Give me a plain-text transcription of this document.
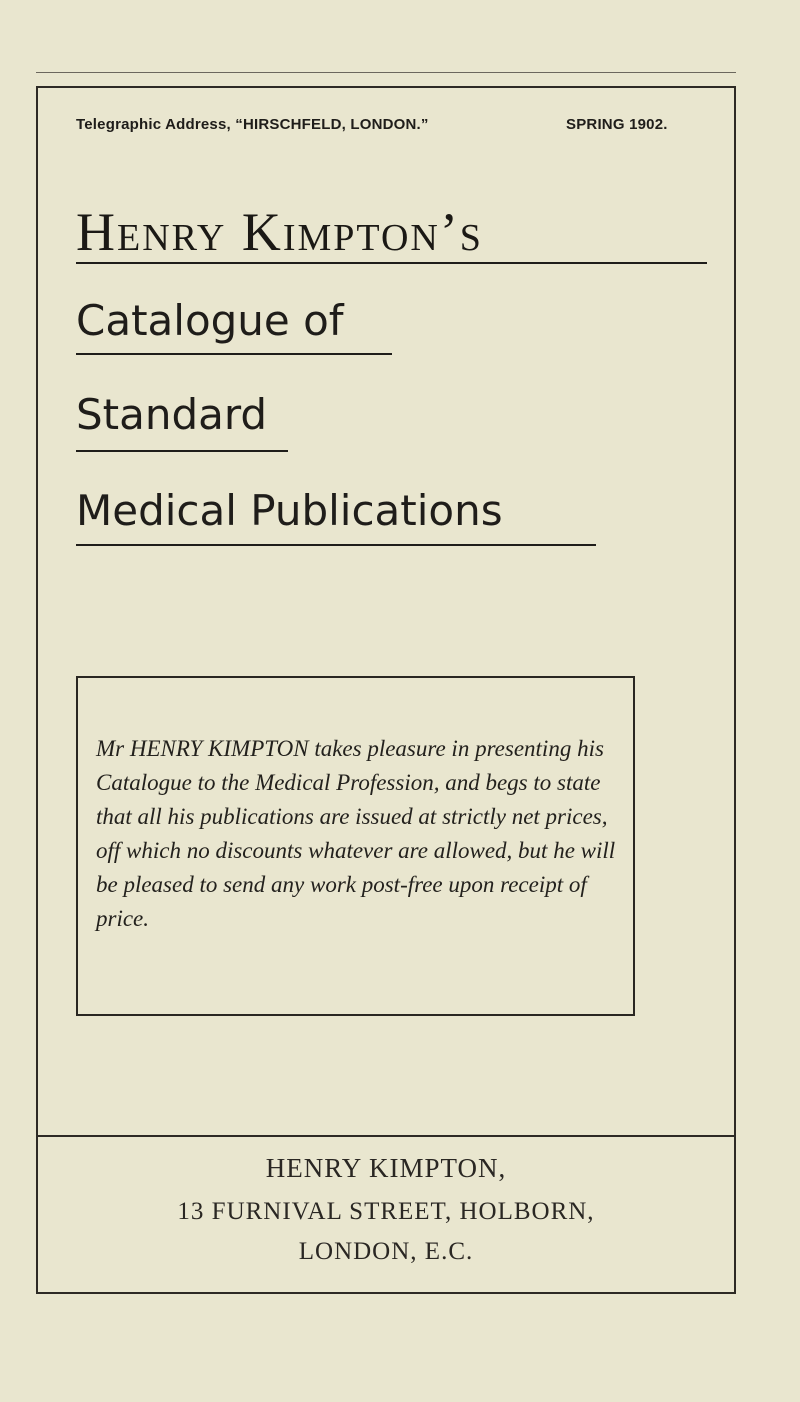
Telegraphic Address, “HIRSCHFELD, LONDON.”	SPRING 1902.
Henry Kimpton’s
Catalogue of
Standard
Medical Publications
Mr HENRY KIMPTON takes pleasure in presenting his Catalogue to the Medical Profession, and begs to state that all his publications are issued at strictly net prices, off which no discounts whatever are allowed, but he will be pleased to send any work post-free upon receipt of price.
HENRY KIMPTON,
13 FURNIVAL STREET, HOLBORN,
LONDON, E.C.
